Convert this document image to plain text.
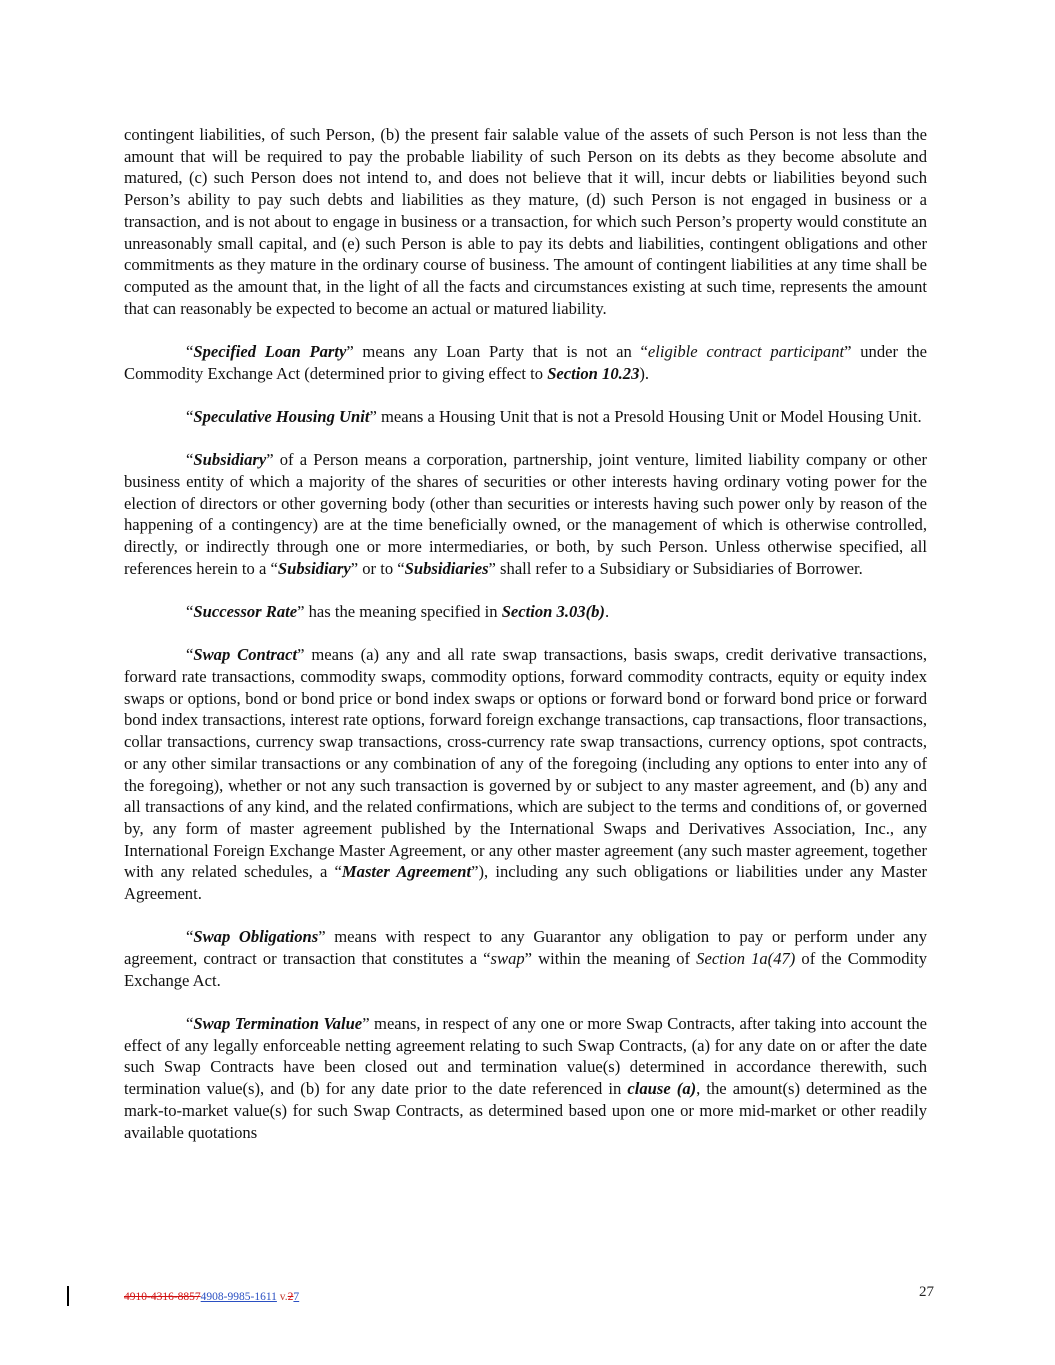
contingent liabilities, of such Person, (b) the present fair salable value of the assets of such Person is not less than the amount that will be required to pay the probable liability of such Person on its debts as they become absolute and matured, (c) such Person does not intend to, and does not believe that it will, incur debts or liabilities beyond such Person’s ability to pay such debts and liabilities as they mature, (d) such Person is not engaged in business or a transaction, and is not about to engage in business or a transaction, for which such Person’s property would constitute an unreasonably small capital, and (e) such Person is able to pay its debts and liabilities, contingent obligations and other commitments as they mature in the ordinary course of business. The amount of contingent liabilities at any time shall be computed as the amount that, in the light of all the facts and circumstances existing at such time, represents the amount that can reasonably be expected to become an actual or matured liability.

“Specified Loan Party” means any Loan Party that is not an “eligible contract participant” under the Commodity Exchange Act (determined prior to giving effect to Section 10.23).

“Speculative Housing Unit” means a Housing Unit that is not a Presold Housing Unit or Model Housing Unit.

“Subsidiary” of a Person means a corporation, partnership, joint venture, limited liability company or other business entity of which a majority of the shares of securities or other interests having ordinary voting power for the election of directors or other governing body (other than securities or interests having such power only by reason of the happening of a contingency) are at the time beneficially owned, or the management of which is otherwise controlled, directly, or indirectly through one or more intermediaries, or both, by such Person. Unless otherwise specified, all references herein to a “Subsidiary” or to “Subsidiaries” shall refer to a Subsidiary or Subsidiaries of Borrower.

“Successor Rate” has the meaning specified in Section 3.03(b).

“Swap Contract” means (a) any and all rate swap transactions, basis swaps, credit derivative transactions, forward rate transactions, commodity swaps, commodity options, forward commodity contracts, equity or equity index swaps or options, bond or bond price or bond index swaps or options or forward bond or forward bond price or forward bond index transactions, interest rate options, forward foreign exchange transactions, cap transactions, floor transactions, collar transactions, currency swap transactions, cross-currency rate swap transactions, currency options, spot contracts, or any other similar transactions or any combination of any of the foregoing (including any options to enter into any of the foregoing), whether or not any such transaction is governed by or subject to any master agreement, and (b) any and all transactions of any kind, and the related confirmations, which are subject to the terms and conditions of, or governed by, any form of master agreement published by the International Swaps and Derivatives Association, Inc., any International Foreign Exchange Master Agreement, or any other master agreement (any such master agreement, together with any related schedules, a “Master Agreement”), including any such obligations or liabilities under any Master Agreement.

“Swap Obligations” means with respect to any Guarantor any obligation to pay or perform under any agreement, contract or transaction that constitutes a “swap” within the meaning of Section 1a(47) of the Commodity Exchange Act.

“Swap Termination Value” means, in respect of any one or more Swap Contracts, after taking into account the effect of any legally enforceable netting agreement relating to such Swap Contracts, (a) for any date on or after the date such Swap Contracts have been closed out and termination value(s) determined in accordance therewith, such termination value(s), and (b) for any date prior to the date referenced in clause (a), the amount(s) determined as the mark-to-market value(s) for such Swap Contracts, as determined based upon one or more mid-market or other readily available quotations

4910-4316-88574908-9985-1611 v.27	27
